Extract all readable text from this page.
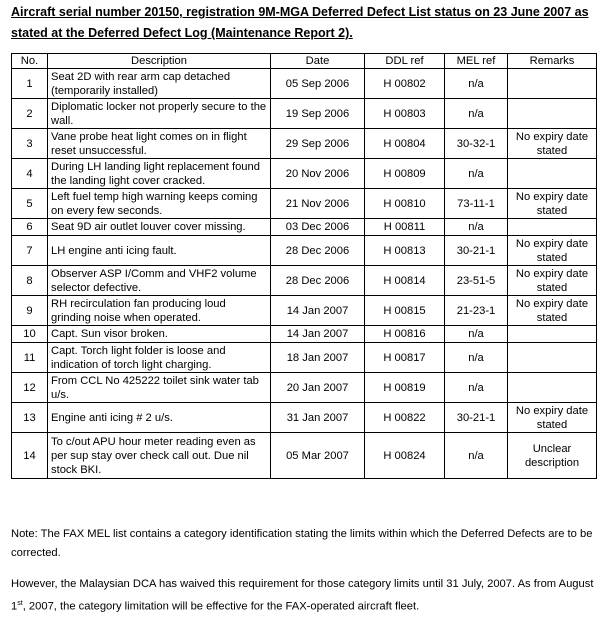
Aircraft serial number 20150, registration 9M-MGA Deferred Defect List status on 23 June 2007 as stated at the Deferred Defect Log (Maintenance Report 2).
No.	Description	Date	DDL ref	MEL ref	Remarks
1	Seat 2D with rear arm cap detached (temporarily installed)	05 Sep 2006	H 00802	n/a	
2	Diplomatic locker not properly secure to the wall.	19 Sep 2006	H 00803	n/a	
3	Vane probe heat light comes on in flight reset unsuccessful.	29 Sep 2006	H 00804	30-32-1	No expiry date stated
4	During LH landing light replacement found the landing light cover cracked.	20 Nov 2006	H 00809	n/a	
5	Left fuel temp high warning keeps coming on every few seconds.	21 Nov 2006	H 00810	73-11-1	No expiry date stated
6	Seat 9D air outlet louver cover missing.	03 Dec 2006	H 00811	n/a	
7	LH engine anti icing fault.	28 Dec 2006	H 00813	30-21-1	No expiry date stated
8	Observer ASP I/Comm and VHF2 volume selector defective.	28 Dec 2006	H 00814	23-51-5	No expiry date stated
9	RH recirculation fan producing loud grinding noise when operated.	14 Jan 2007	H 00815	21-23-1	No expiry date stated
10	Capt. Sun visor broken.	14 Jan 2007	H 00816	n/a	
11	Capt. Torch light folder is loose and indication of torch light charging.	18 Jan 2007	H 00817	n/a	
12	From CCL No 425222 toilet sink water tab u/s.	20 Jan 2007	H 00819	n/a	
13	Engine anti icing # 2 u/s.	31 Jan 2007	H 00822	30-21-1	No expiry date stated
14	To c/out APU hour meter reading even as per sup stay over check call out. Due nil stock BKI.	05 Mar 2007	H 00824	n/a	Unclear description

Note: The FAX MEL list contains a category identification stating the limits within which the Deferred Defects are to be corrected.

However, the Malaysian DCA has waived this requirement for those category limits until 31 July, 2007. As from August 1st, 2007, the category limitation will be effective for the FAX-operated aircraft fleet.
